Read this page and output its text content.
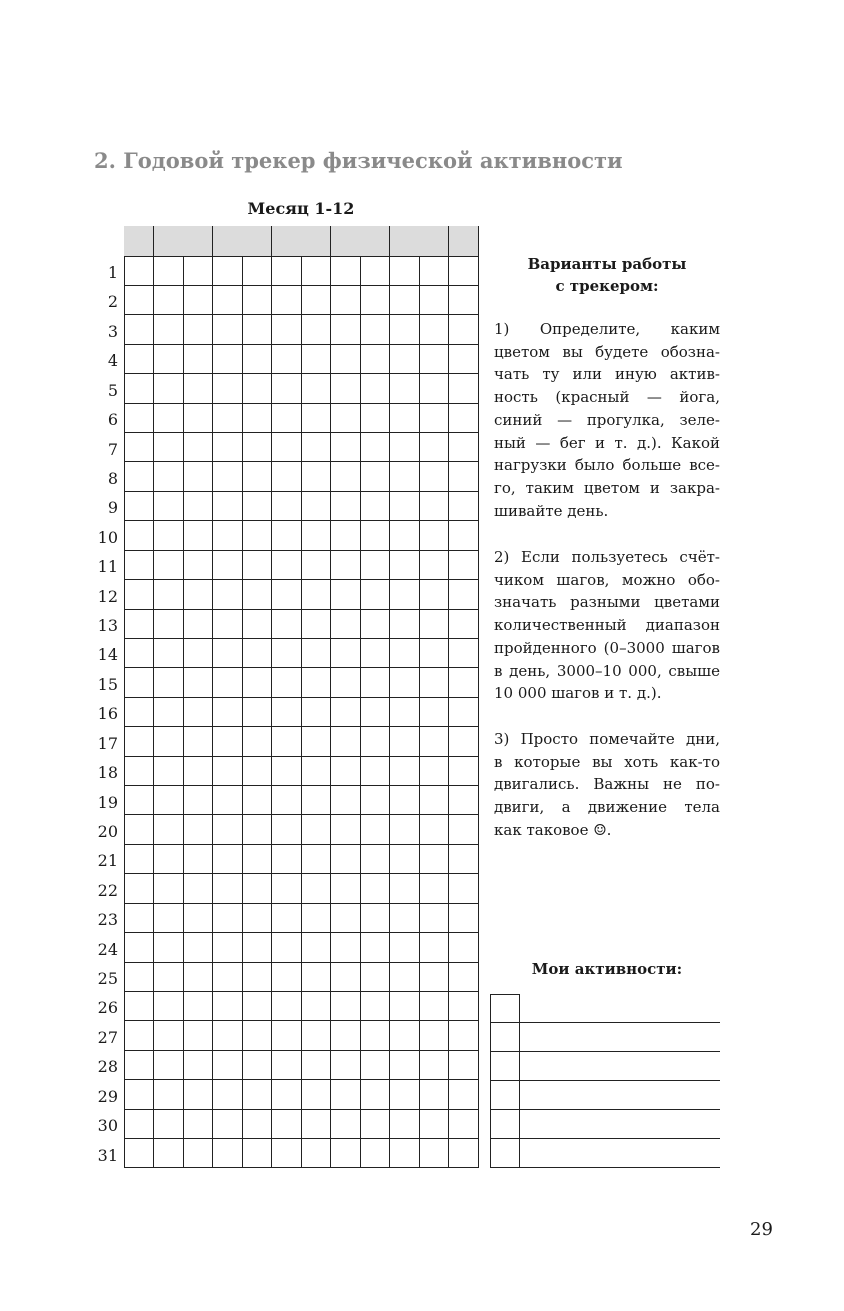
2. Годовой трекер физической активности
Месяц 1-12
1
2
3
4
5
6
7
8
9
10
11
12
13
14
15
16
17
18
19
20
21
22
23
24
25
26
27
28
29
30
31
Варианты работы
с трекером:
1) Определите, каким
цветом вы будете обозна-
чать ту или иную актив-
ность (красный — йога,
синий — прогулка, зеле-
ный — бег и т. д.). Какой
нагрузки было больше все-
го, таким цветом и закра-
шивайте день.
2) Если пользуетесь счёт-
чиком шагов, можно обо-
значать разными цветами
количественный диапазон
пройденного (0–3000 шагов
в день, 3000–10 000, свыше
10 000 шагов и т. д.).
3) Просто помечайте дни,
в которые вы хоть как-то
двигались. Важны не по-
двиги, а движение тела
как таковое ☺.
Мои активности:
29
